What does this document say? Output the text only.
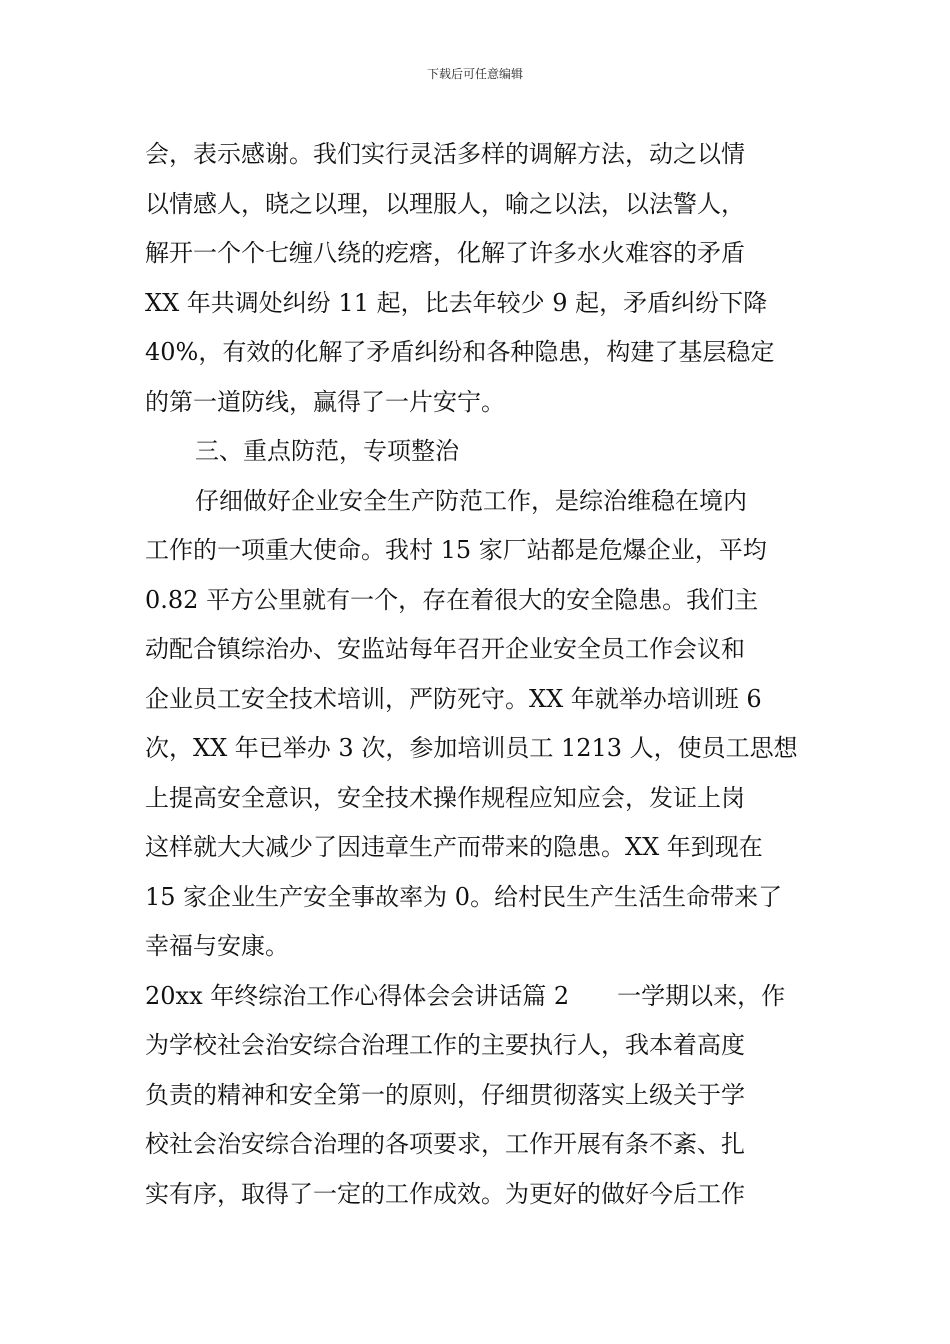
下载后可任意编辑
会，表示感谢。我们实行灵活多样的调解方法，动之以情
以情感人，晓之以理，以理服人，喻之以法，以法警人，
解开一个个七缠八绕的疙瘩，化解了许多水火难容的矛盾
XX 年共调处纠纷 11 起，比去年较少 9 起，矛盾纠纷下降
40%，有效的化解了矛盾纠纷和各种隐患，构建了基层稳定
的第一道防线，赢得了一片安宁。
三、重点防范，专项整治
仔细做好企业安全生产防范工作，是综治维稳在境内
工作的一项重大使命。我村 15 家厂站都是危爆企业，平均
0.82 平方公里就有一个，存在着很大的安全隐患。我们主
动配合镇综治办、安监站每年召开企业安全员工作会议和
企业员工安全技术培训，严防死守。XX 年就举办培训班 6
次，XX 年已举办 3 次，参加培训员工 1213 人，使员工思想
上提高安全意识，安全技术操作规程应知应会，发证上岗
这样就大大减少了因违章生产而带来的隐患。XX 年到现在
15 家企业生产安全事故率为 0。给村民生产生活生命带来了
幸福与安康。
20xx 年终综治工作心得体会会讲话篇 2 一学期以来，作
为学校社会治安综合治理工作的主要执行人，我本着高度
负责的精神和安全第一的原则，仔细贯彻落实上级关于学
校社会治安综合治理的各项要求，工作开展有条不紊、扎
实有序，取得了一定的工作成效。为更好的做好今后工作
